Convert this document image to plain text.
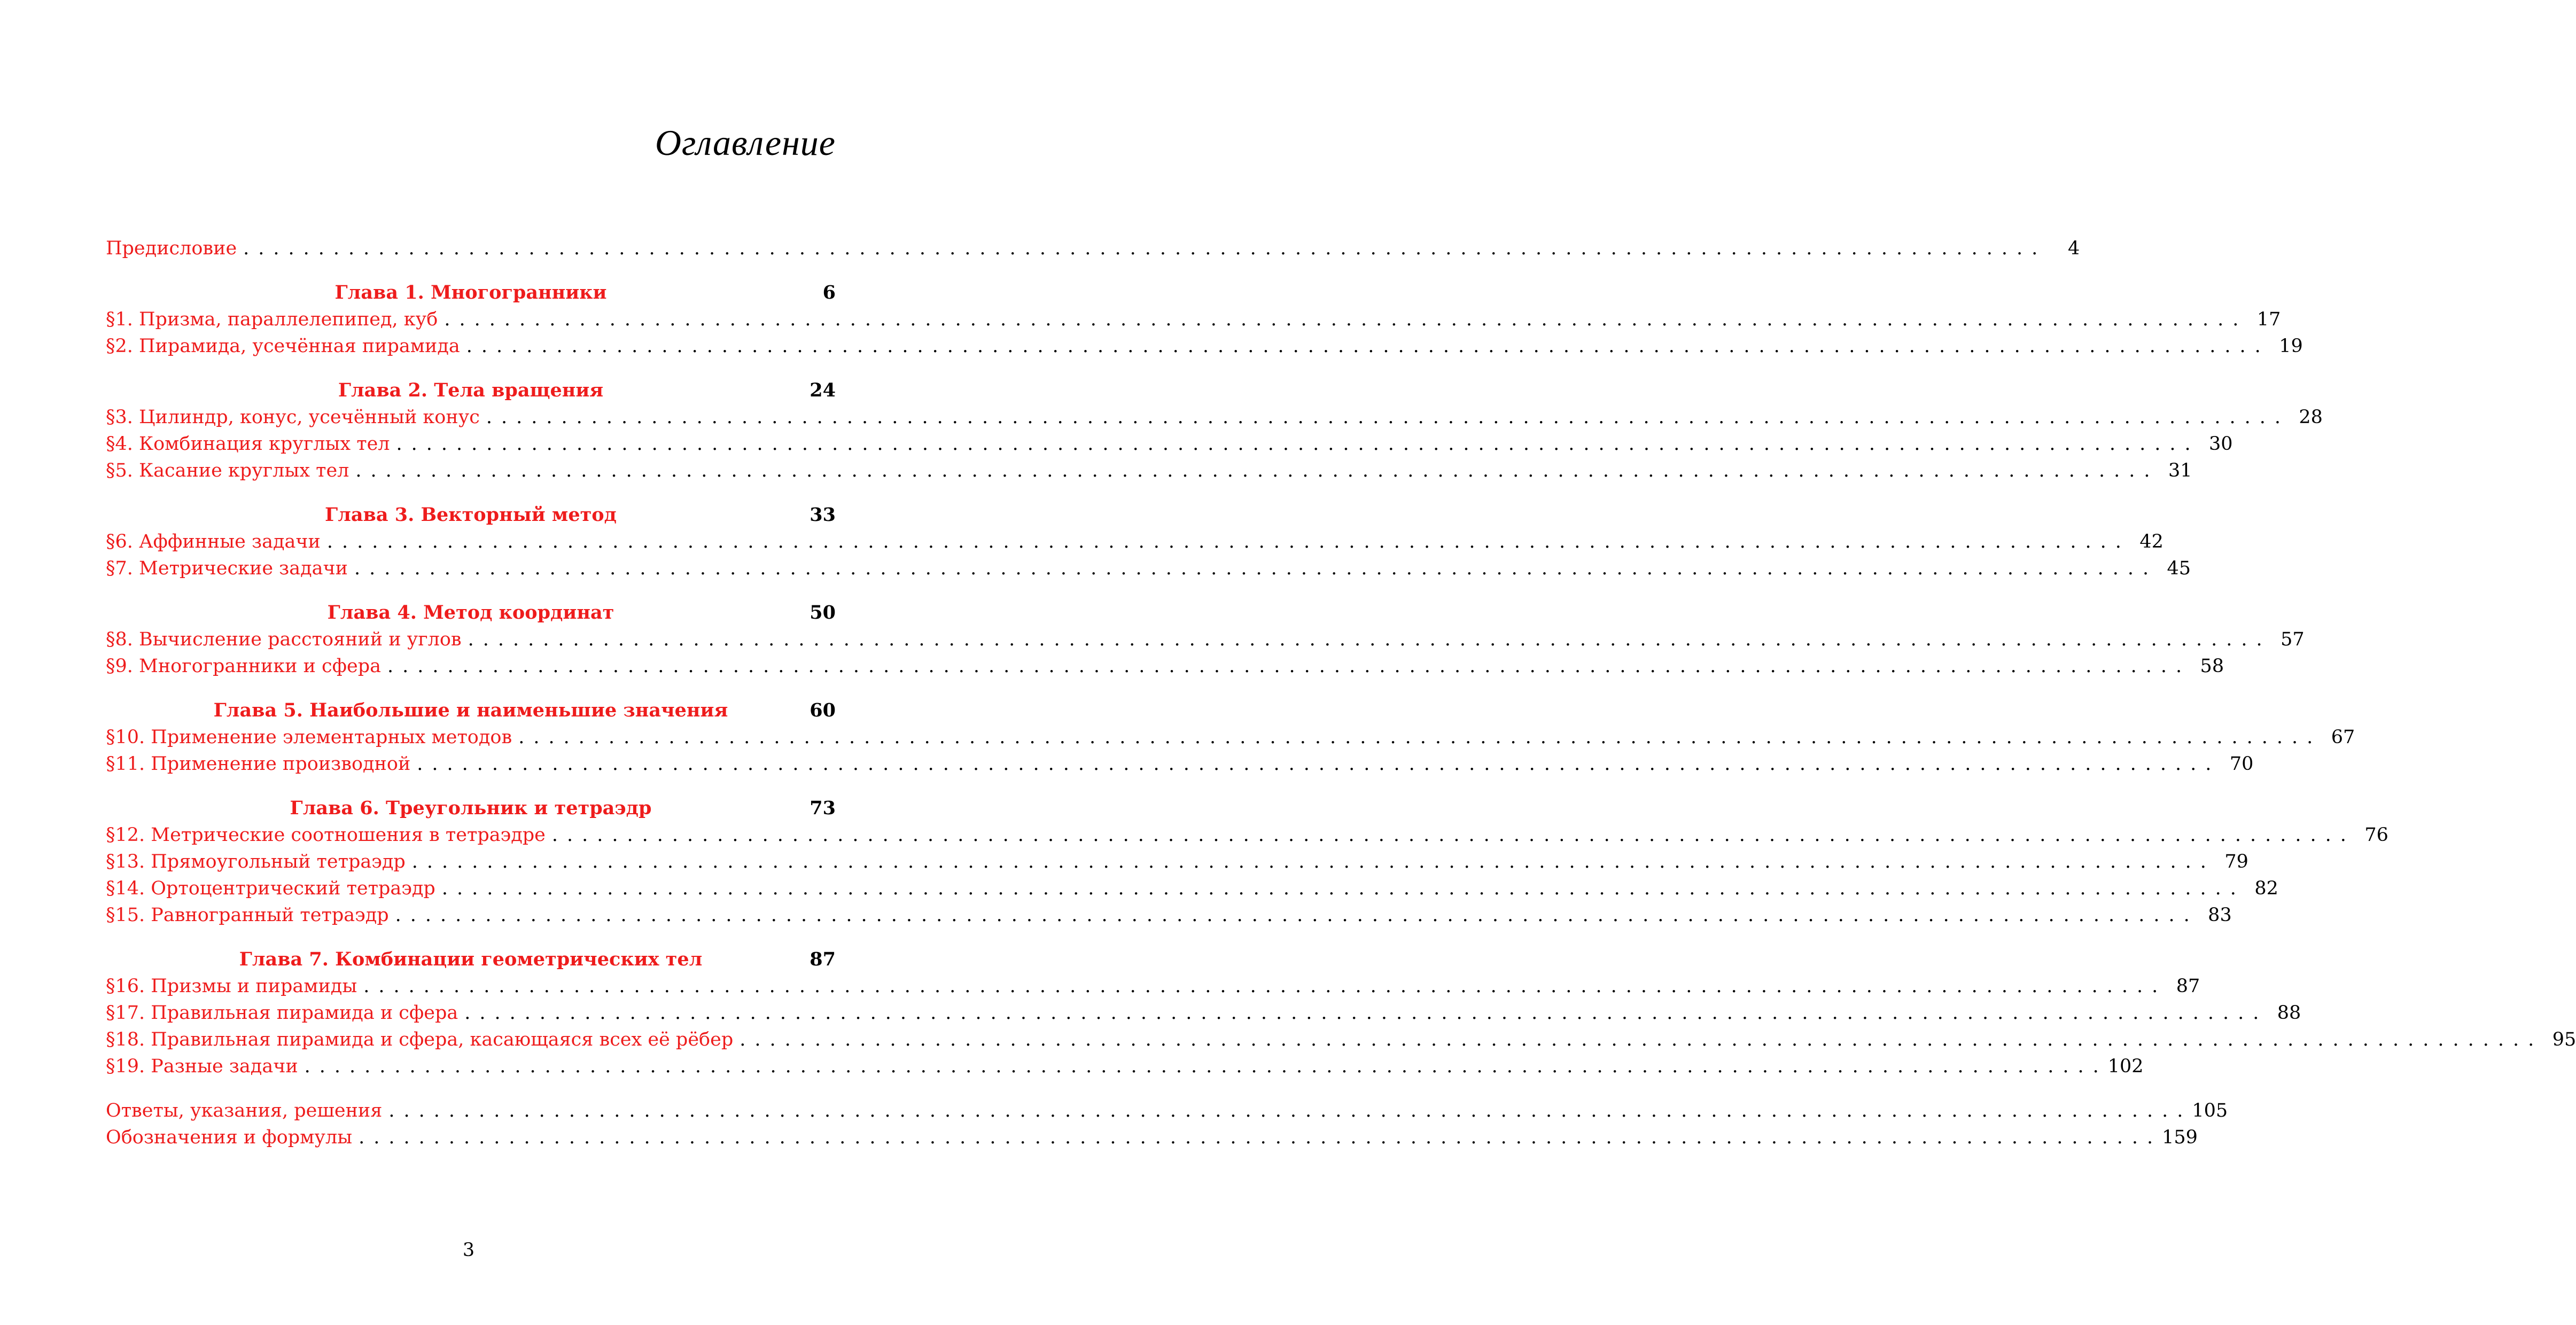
Оглавление
Предисловие ........................................................................................................................	4
Глава 1. Многогранники	6
§1. Призма, параллелепипед, куб ........................................................................................................................ 17
§2. Пирамида, усечённая пирамида ........................................................................................................................ 19
Глава 2. Тела вращения	24
§3. Цилиндр, конус, усечённый конус ........................................................................................................................ 28
§4. Комбинация круглых тел ........................................................................................................................ 30
§5. Касание круглых тел ........................................................................................................................ 31
Глава 3. Векторный метод	33
§6. Аффинные задачи ........................................................................................................................ 42
§7. Метрические задачи ........................................................................................................................ 45
Глава 4. Метод координат	50
§8. Вычисление расстояний и углов ........................................................................................................................ 57
§9. Многогранники и сфера ........................................................................................................................ 58
Глава 5. Наибольшие и наименьшие значения	60
§10. Применение элементарных методов ........................................................................................................................ 67
§11. Применение производной ........................................................................................................................ 70
Глава 6. Треугольник и тетраэдр	73
§12. Метрические соотношения в тетраэдре ........................................................................................................................ 76
§13. Прямоугольный тетраэдр ........................................................................................................................ 79
§14. Ортоцентрический тетраэдр ........................................................................................................................ 82
§15. Равногранный тетраэдр ........................................................................................................................ 83
Глава 7. Комбинации геометрических тел	87
§16. Призмы и пирамиды ........................................................................................................................ 87
§17. Правильная пирамида и сфера ........................................................................................................................ 88
§18. Правильная пирамида и сфера, касающаяся всех её рёбер ........................................................................................................................ 95
§19. Разные задачи ........................................................................................................................ 102
Ответы, указания, решения ........................................................................................................................ 105
Обозначения и формулы ........................................................................................................................ 159
3
